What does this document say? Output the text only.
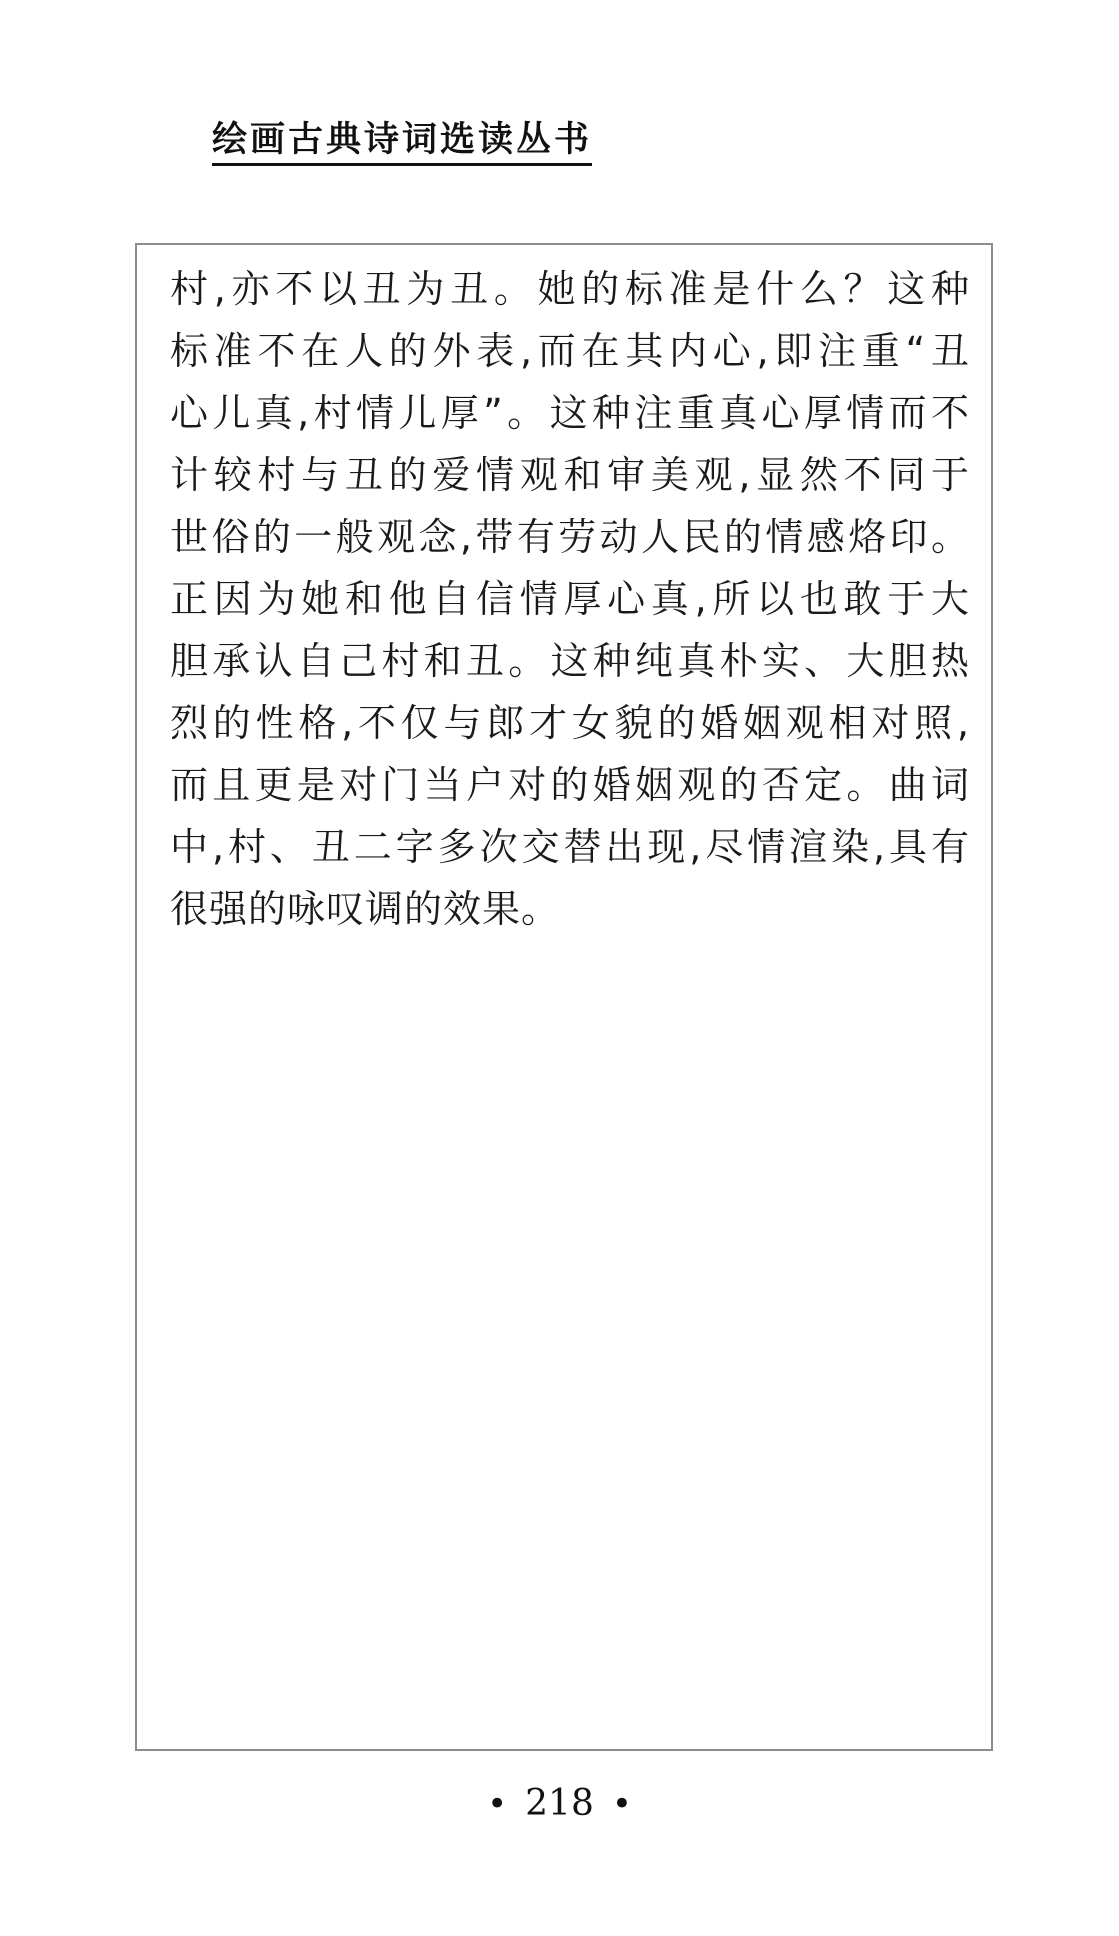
绘画古典诗词选读丛书
村,亦不以丑为丑。她的标准是什么？这种
标准不在人的外表,而在其内心,即注重“丑
心儿真,村情儿厚”。这种注重真心厚情而不
计较村与丑的爱情观和审美观,显然不同于
世俗的一般观念,带有劳动人民的情感烙印。
正因为她和他自信情厚心真,所以也敢于大
胆承认自己村和丑。这种纯真朴实、大胆热
烈的性格,不仅与郎才女貌的婚姻观相对照,
而且更是对门当户对的婚姻观的否定。曲词
中,村、丑二字多次交替出现,尽情渲染,具有
很强的咏叹调的效果。
• 218 •
